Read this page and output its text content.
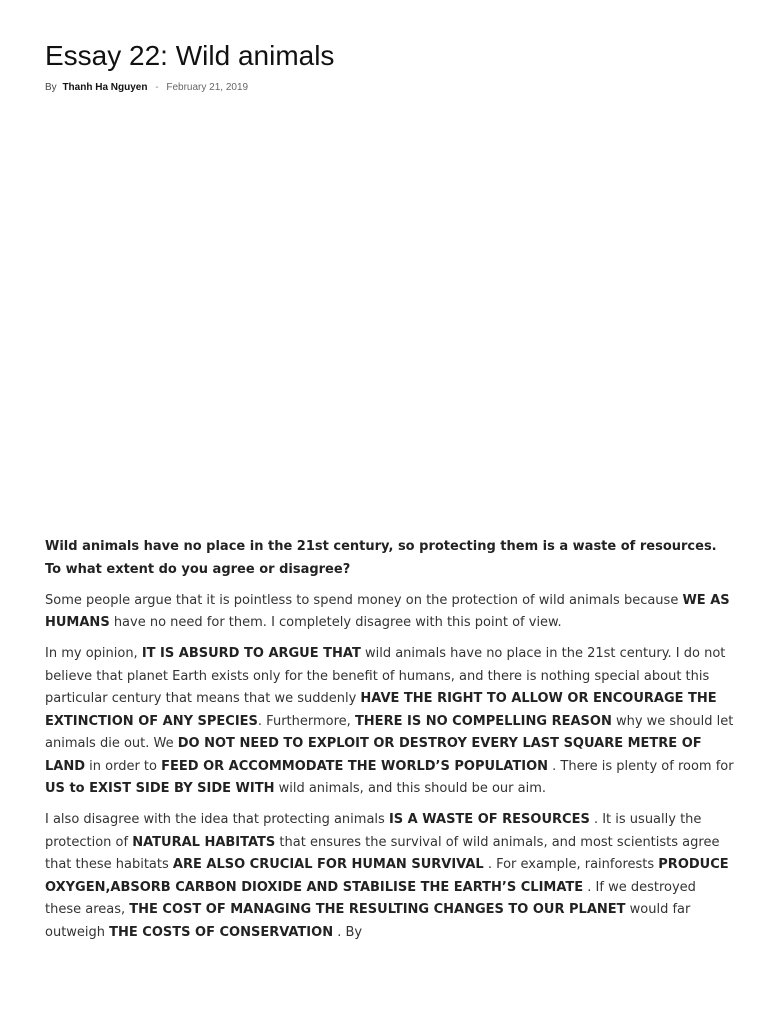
Essay 22: Wild animals
By Thanh Ha Nguyen - February 21, 2019

Wild animals have no place in the 21st century, so protecting them is a waste of resources. To what extent do you agree or disagree?

Some people argue that it is pointless to spend money on the protection of wild animals because WE AS HUMANS have no need for them. I completely disagree with this point of view.

In my opinion, IT IS ABSURD TO ARGUE THAT wild animals have no place in the 21st century. I do not believe that planet Earth exists only for the benefit of humans, and there is nothing special about this particular century that means that we suddenly HAVE THE RIGHT TO ALLOW OR ENCOURAGE THE EXTINCTION OF ANY SPECIES. Furthermore, THERE IS NO COMPELLING REASON why we should let animals die out. We DO NOT NEED TO EXPLOIT OR DESTROY EVERY LAST SQUARE METRE OF LAND in order to FEED OR ACCOMMODATE THE WORLD’S POPULATION . There is plenty of room for US to EXIST SIDE BY SIDE WITH wild animals, and this should be our aim.

I also disagree with the idea that protecting animals IS A WASTE OF RESOURCES . It is usually the protection of NATURAL HABITATS that ensures the survival of wild animals, and most scientists agree that these habitats ARE ALSO CRUCIAL FOR HUMAN SURVIVAL . For example, rainforests PRODUCE OXYGEN,ABSORB CARBON DIOXIDE AND STABILISE THE EARTH’S CLIMATE . If we destroyed these areas, THE COST OF MANAGING THE RESULTING CHANGES TO OUR PLANET would far outweigh THE COSTS OF CONSERVATION . By
